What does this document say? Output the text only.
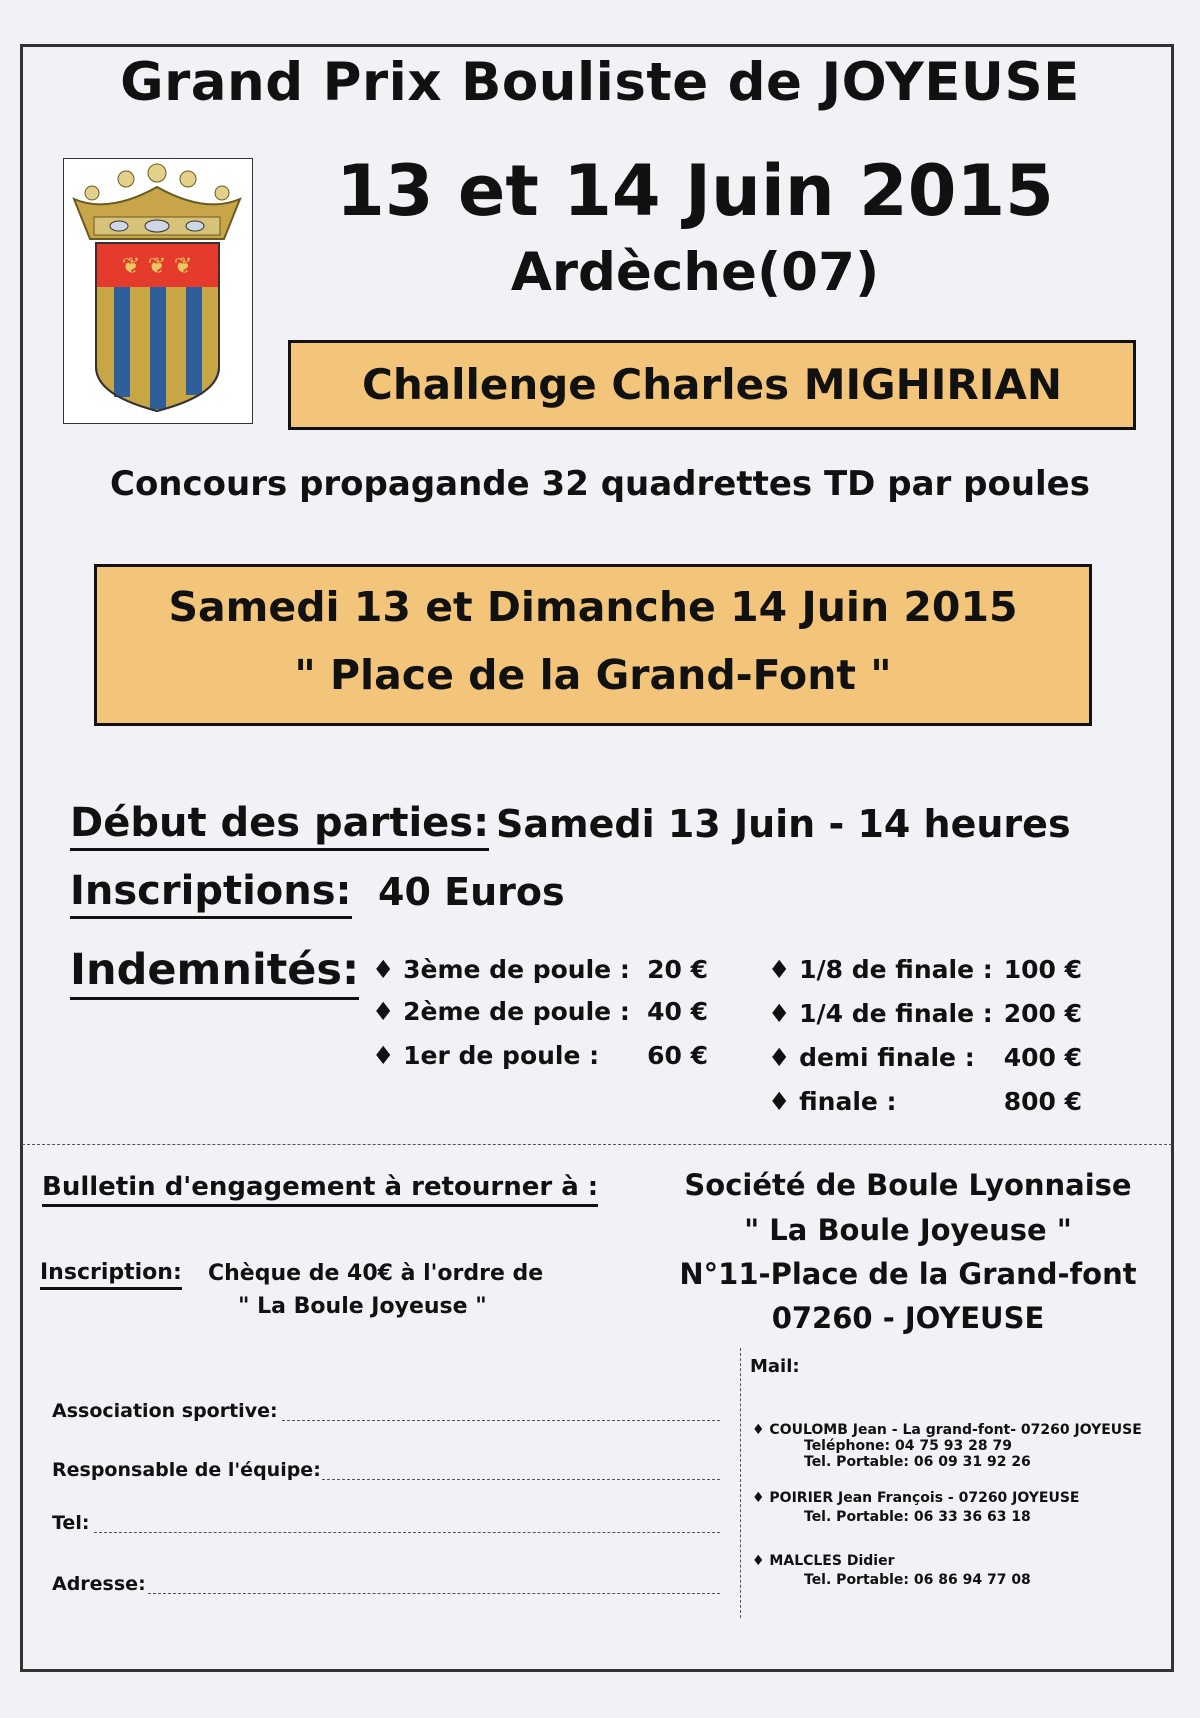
Grand Prix Bouliste de JOYEUSE
❦ ❦ ❦
13 et 14 Juin 2015
Ardèche(07)
Challenge Charles MIGHIRIAN
Concours propagande 32 quadrettes TD par poules
Samedi 13 et Dimanche 14 Juin 2015
" Place de la Grand-Font "
Début des parties: Samedi 13 Juin - 14 heures
Inscriptions: 40 Euros
Indemnités: ♦ 3ème de poule : 20 €
♦ 2ème de poule : 40 €
♦ 1er de poule : 60 €
♦ 1/8 de finale : 100 €
♦ 1/4 de finale : 200 €
♦ demi finale : 400 €
♦ finale :	800 €
Bulletin d'engagement à retourner à :
Inscription: Chèque de 40€ à l'ordre de
" La Boule Joyeuse "
Société de Boule Lyonnaise
" La Boule Joyeuse "
N°11-Place de la Grand-font
07260 - JOYEUSE
Association sportive:
Responsable de l'équipe:
Tel:
Adresse:
Mail:
♦ COULOMB Jean - La grand-font- 07260 JOYEUSE
Teléphone: 04 75 93 28 79
Tel. Portable: 06 09 31 92 26
♦ POIRIER Jean François - 07260 JOYEUSE
Tel. Portable: 06 33 36 63 18
♦ MALCLES Didier
Tel. Portable: 06 86 94 77 08
